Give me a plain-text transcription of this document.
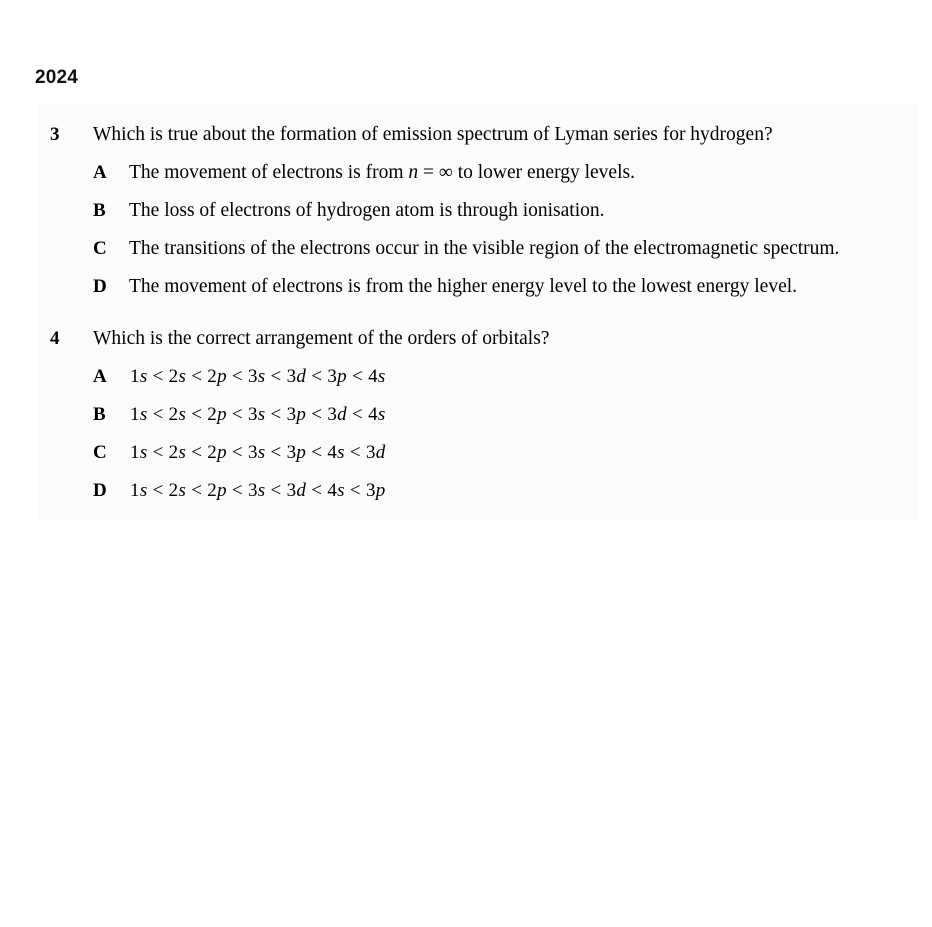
2024
3	Which is true about the formation of emission spectrum of Lyman series for hydrogen?
A	The movement of electrons is from n = ∞ to lower energy levels.
B	The loss of electrons of hydrogen atom is through ionisation.
C	The transitions of the electrons occur in the visible region of the electromagnetic spectrum.
D	The movement of electrons is from the higher energy level to the lowest energy level.
4	Which is the correct arrangement of the orders of orbitals?
A	1s < 2s < 2p < 3s < 3d < 3p < 4s
B	1s < 2s < 2p < 3s < 3p < 3d < 4s
C	1s < 2s < 2p < 3s < 3p < 4s < 3d
D	1s < 2s < 2p < 3s < 3d < 4s < 3p
